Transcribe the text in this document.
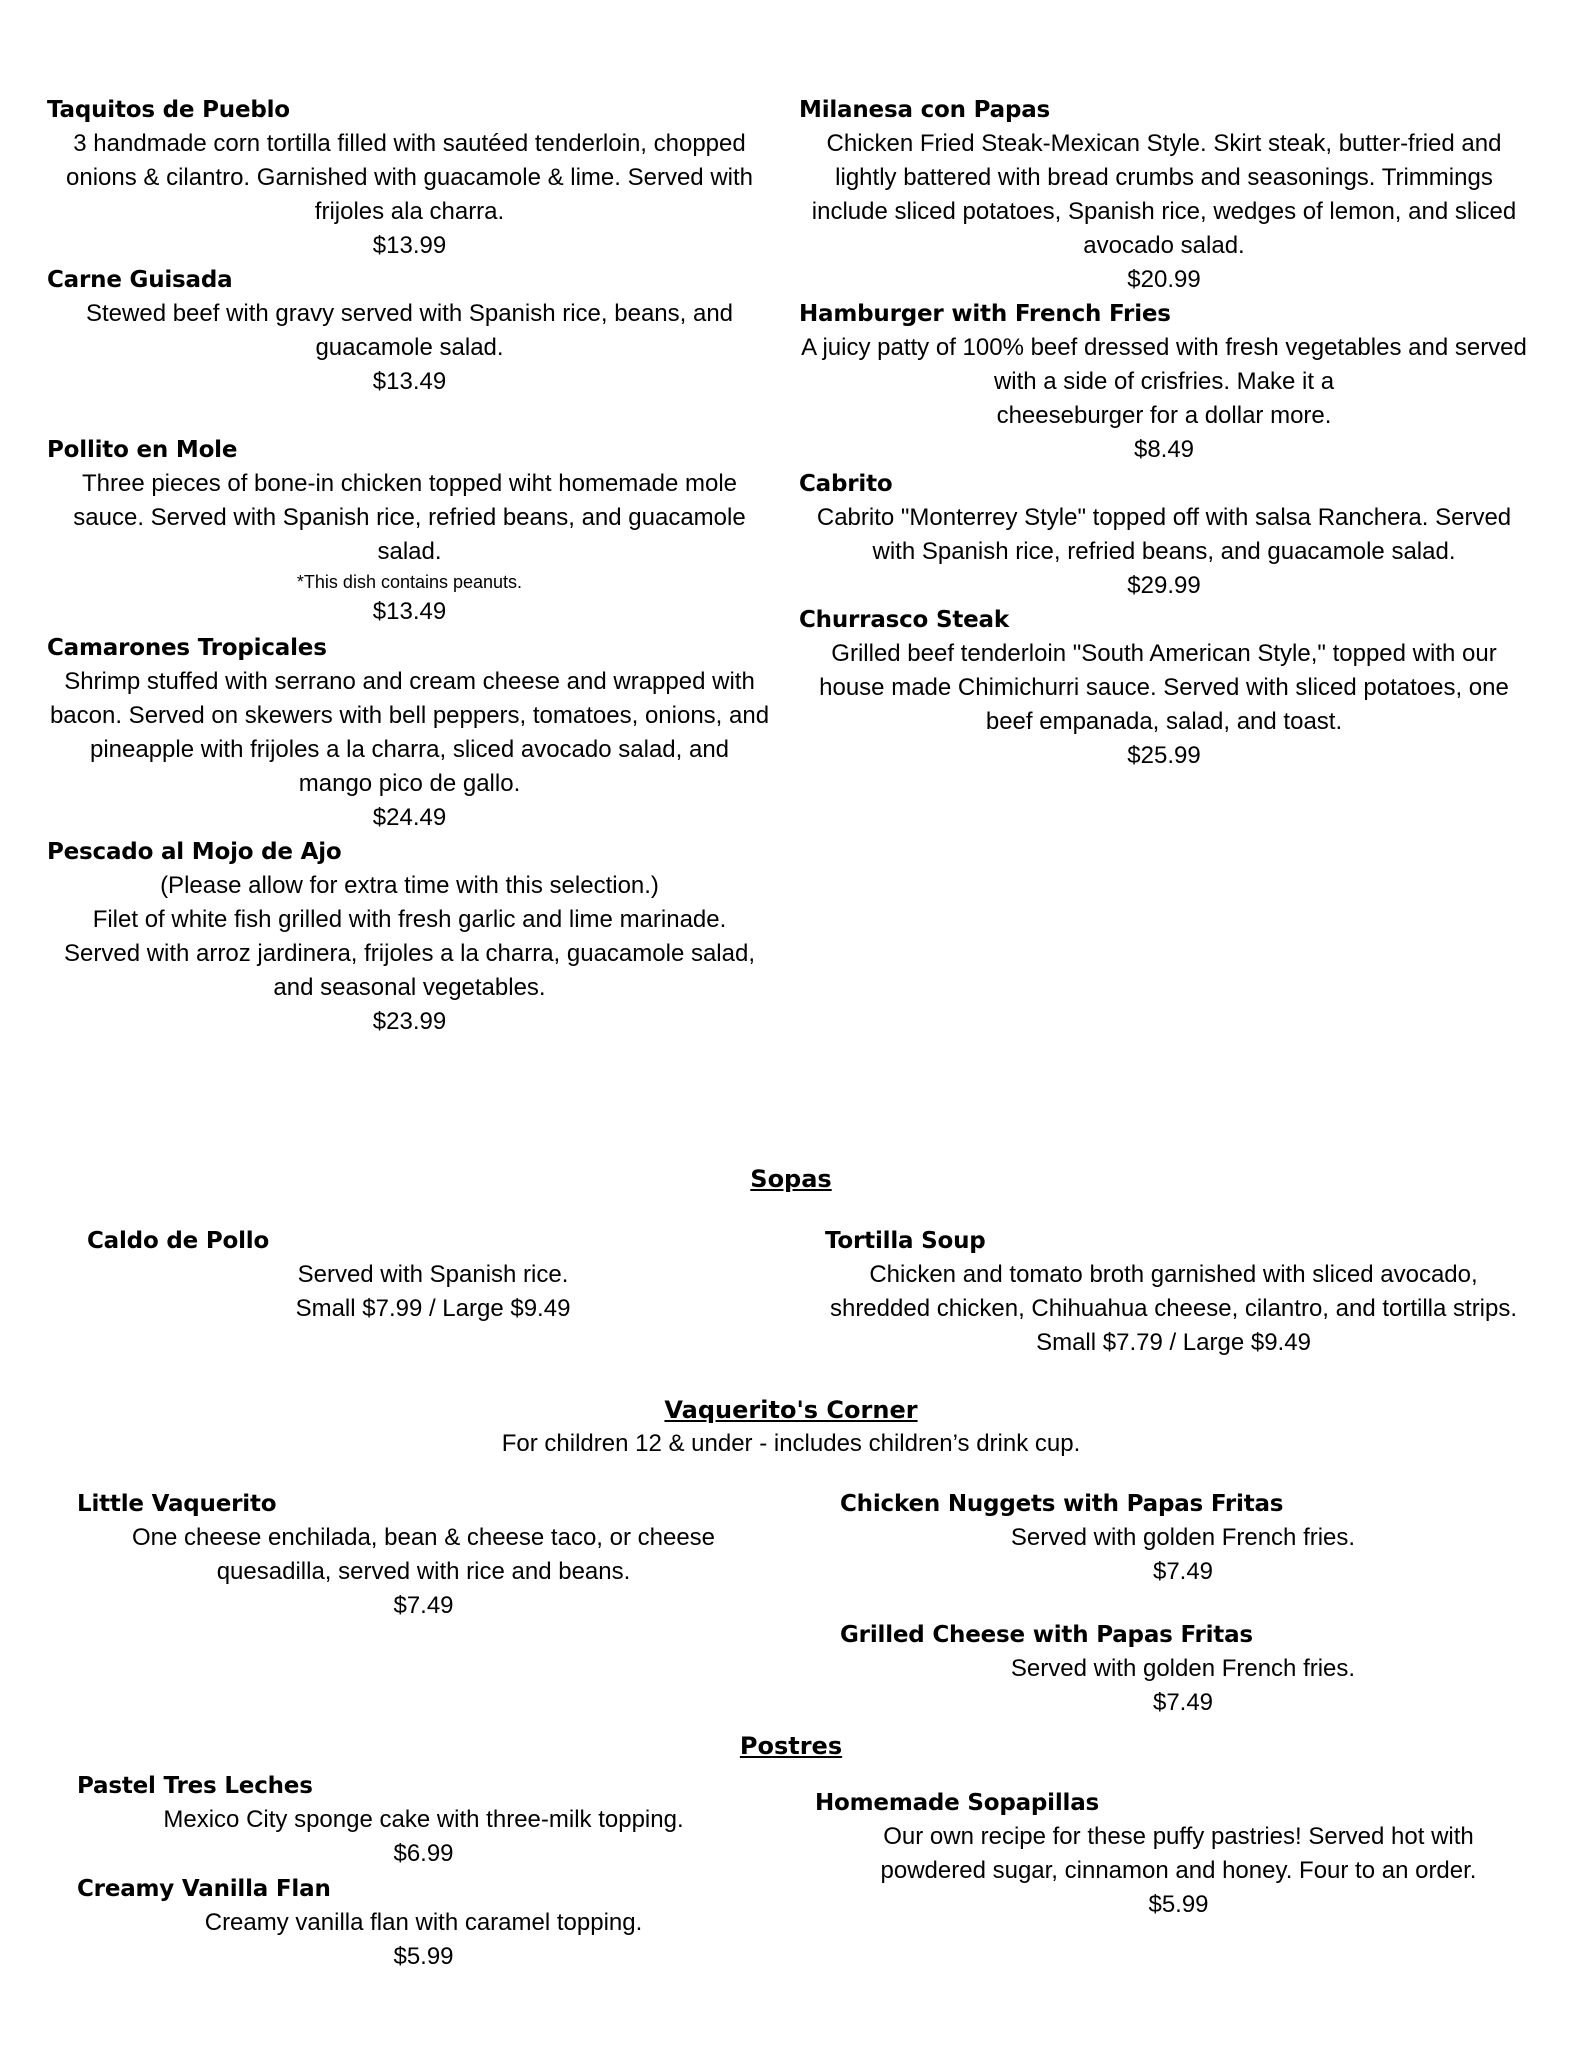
Taquitos de Pueblo
3 handmade corn tortilla filled with sautéed tenderloin, chopped
onions & cilantro. Garnished with guacamole & lime. Served with
frijoles ala charra.
$13.99
Carne Guisada
Stewed beef with gravy served with Spanish rice, beans, and
guacamole salad.
$13.49
Pollito en Mole
Three pieces of bone-in chicken topped wiht homemade mole
sauce. Served with Spanish rice, refried beans, and guacamole
salad.
*This dish contains peanuts.
$13.49
Camarones Tropicales
Shrimp stuffed with serrano and cream cheese and wrapped with
bacon. Served on skewers with bell peppers, tomatoes, onions, and
pineapple with frijoles a la charra, sliced avocado salad, and
mango pico de gallo.
$24.49
Pescado al Mojo de Ajo
(Please allow for extra time with this selection.)
Filet of white fish grilled with fresh garlic and lime marinade.
Served with arroz jardinera, frijoles a la charra, guacamole salad,
and seasonal vegetables.
$23.99
Milanesa con Papas
Chicken Fried Steak-Mexican Style. Skirt steak, butter-fried and
lightly battered with bread crumbs and seasonings. Trimmings
include sliced potatoes, Spanish rice, wedges of lemon, and sliced
avocado salad.
$20.99
Hamburger with French Fries
A juicy patty of 100% beef dressed with fresh vegetables and served
with a side of crisfries. Make it a
cheeseburger for a dollar more.
$8.49
Cabrito
Cabrito "Monterrey Style" topped off with salsa Ranchera. Served
with Spanish rice, refried beans, and guacamole salad.
$29.99
Churrasco Steak
Grilled beef tenderloin "South American Style," topped with our
house made Chimichurri sauce. Served with sliced potatoes, one
beef empanada, salad, and toast.
$25.99
Sopas
Caldo de Pollo
Served with Spanish rice.
Small $7.99 / Large $9.49
Tortilla Soup
Chicken and tomato broth garnished with sliced avocado,
shredded chicken, Chihuahua cheese, cilantro, and tortilla strips.
Small $7.79 / Large $9.49
Vaquerito's Corner
For children 12 & under - includes children’s drink cup.
Little Vaquerito
One cheese enchilada, bean & cheese taco, or cheese
quesadilla, served with rice and beans.
$7.49
Chicken Nuggets with Papas Fritas
Served with golden French fries.
$7.49
Grilled Cheese with Papas Fritas
Served with golden French fries.
$7.49
Postres
Pastel Tres Leches
Mexico City sponge cake with three-milk topping.
$6.99
Creamy Vanilla Flan
Creamy vanilla flan with caramel topping.
$5.99
Homemade Sopapillas
Our own recipe for these puffy pastries! Served hot with
powdered sugar, cinnamon and honey. Four to an order.
$5.99
